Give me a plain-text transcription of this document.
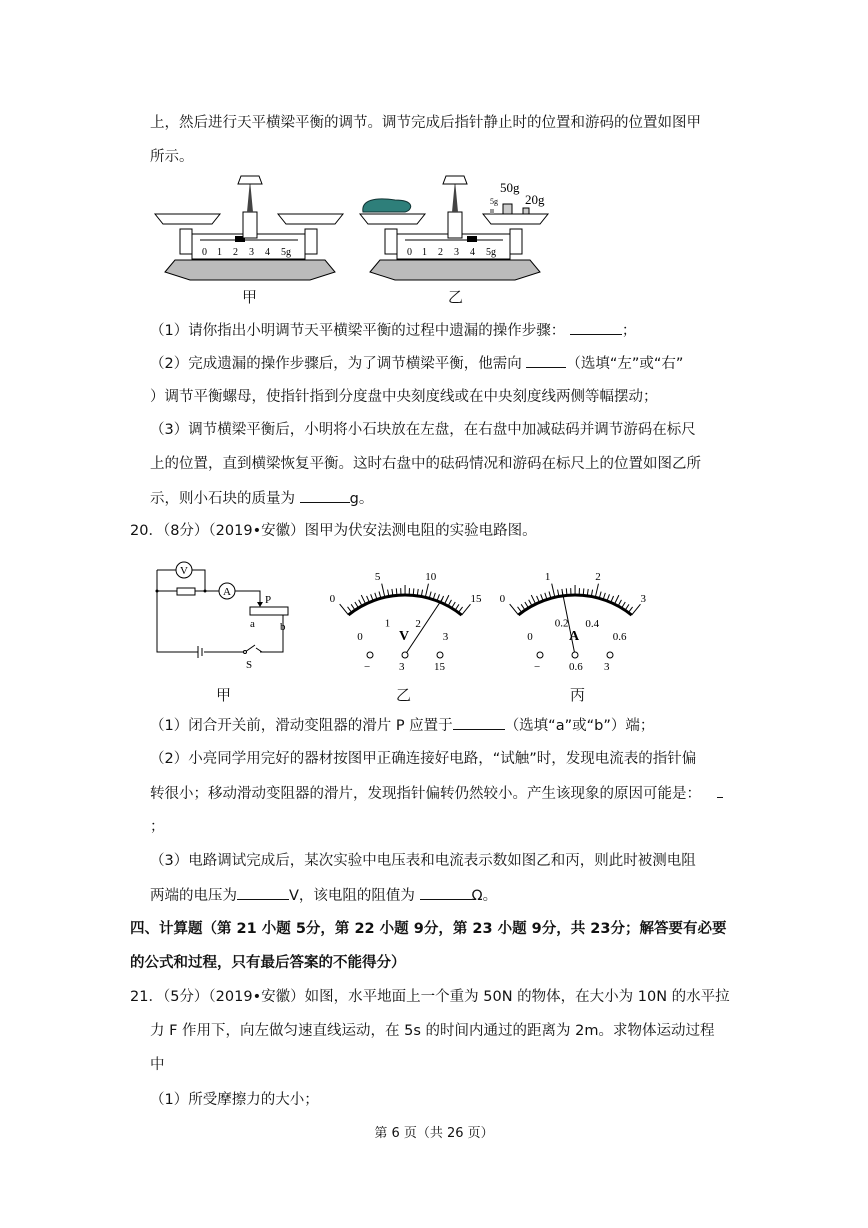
上，然后进行天平横梁平衡的调节。调节完成后指针静止时的位置和游码的位置如图甲
所示。
0 1 2 3 4 5g	0 1 2 3 4 5g
5g
50g
20g
甲	乙
（1）请你指出小明调节天平横梁平衡的过程中遗漏的操作步骤：	；
（2）完成遗漏的操作步骤后，为了调节横梁平衡，他需向	（选填“左”或“右”
）调节平衡螺母，使指针指到分度盘中央刻度线或在中央刻度线两侧等幅摆动；
（3）调节横梁平衡后，小明将小石块放在左盘，在右盘中加减砝码并调节游码在标尺
上的位置，直到横梁恢复平衡。这时右盘中的砝码情况和游码在标尺上的位置如图乙所
示，则小石块的质量为	g。
20．（8分）（2019•安徽）图甲为伏安法测电阻的实验电路图。
V
A
P
a b
S
0
0
5
1
10
2
15
3
V
−	3	15
0
0
1
0.2
2
0.4
3
0.6
A
−	0.6 3
甲	乙	丙
（1）闭合开关前，滑动变阻器的滑片 P 应置于	（选填“a”或“b”）端；
（2）小亮同学用完好的器材按图甲正确连接好电路，“试触”时，发现电流表的指针偏
转很小；移动滑动变阻器的滑片，发现指针偏转仍然较小。产生该现象的原因可能是：
；
（3）电路调试完成后，某次实验中电压表和电流表示数如图乙和丙，则此时被测电阻
两端的电压为	V，该电阻的阻值为	Ω。
四、计算题（第 21 小题 5分，第 22 小题 9分，第 23 小题 9分，共 23分；解答要有必要
的公式和过程，只有最后答案的不能得分）
21．（5分）（2019•安徽）如图，水平地面上一个重为 50N 的物体，在大小为 10N 的水平拉
力 F 作用下，向左做匀速直线运动，在 5s 的时间内通过的距离为 2m。求物体运动过程
中
（1）所受摩擦力的大小；
第 6 页（共 26 页）
